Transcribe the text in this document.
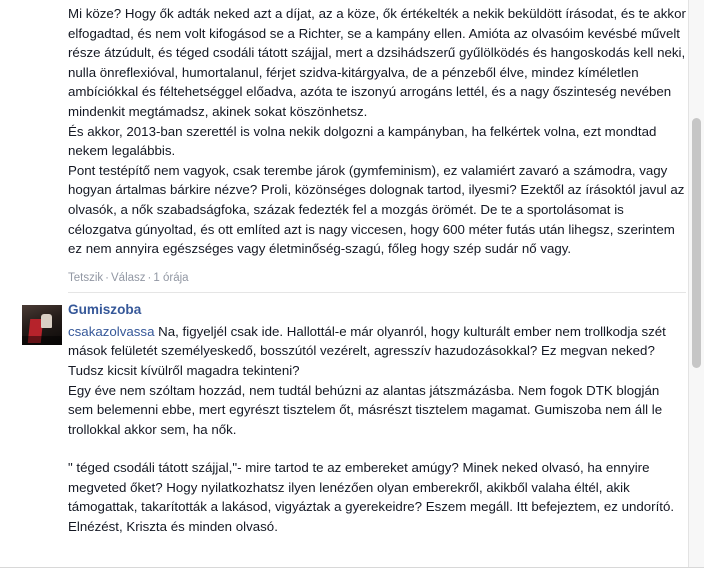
Mi köze? Hogy ők adták neked azt a díjat, az a köze, ők értékelték a nekik beküldött írásodat, és te akkor elfogadtad, és nem volt kifogásod se a Richter, se a kampány ellen. Amióta az olvasóim kevésbé művelt része átzúdult, és téged csodáli tátott szájjal, mert a dzsihádszerű gyűlölködés és hangoskodás kell neki, nulla önreflexióval, humortalanul, férjet szidva-kitárgyalva, de a pénzeből élve, mindez kíméletlen ambíciókkal és féltehetséggel előadva, azóta te iszonyú arrogáns lettél, és a nagy őszinteség nevében mindenkit megtámadsz, akinek sokat köszönhetsz.

És akkor, 2013-ban szerettél is volna nekik dolgozni a kampányban, ha felkértek volna, ezt mondtad nekem legalábbis.

Pont testépítő nem vagyok, csak terembe járok (gymfeminism), ez valamiért zavaró a számodra, vagy hogyan ártalmas bárkire nézve? Proli, közönséges dolognak tartod, ilyesmi? Ezektől az írásoktól javul az olvasók, a nők szabadságfoka, százak fedezték fel a mozgás örömét. De te a sportolásomat is célozgatva gúnyoltad, és ott említed azt is nagy viccesen, hogy 600 méter futás után lihegsz, szerintem ez nem annyira egészséges vagy életminőség-szagú, főleg hogy szép sudár nő vagy.

Tetszik · Válasz · 1 órája
Gumiszoba

csakazolvassa Na, figyeljél csak ide. Hallottál-e már olyanról, hogy kulturált ember nem trollkodja szét mások felületét személyeskedő, bosszútól vezérelt, agresszív hazudozásokkal? Ez megvan neked? Tudsz kicsit kívülről magadra tekinteni?

Egy éve nem szóltam hozzád, nem tudtál behúzni az alantas játszmázásba. Nem fogok DTK blogján sem belemenni ebbe, mert egyrészt tisztelem őt, másrészt tisztelem magamat. Gumiszoba nem áll le trollokkal akkor sem, ha nők.

" téged csodáli tátott szájjal,"- mire tartod te az embereket amúgy? Minek neked olvasó, ha ennyire megveted őket? Hogy nyilatkozhatsz ilyen lenézően olyan emberekről, akikből valaha éltél, akik támogattak, takarították a lakásod, vigyáztak a gyerekeidre? Eszem megáll. Itt befejeztem, ez undorító.

Elnézést, Kriszta és minden olvasó.
